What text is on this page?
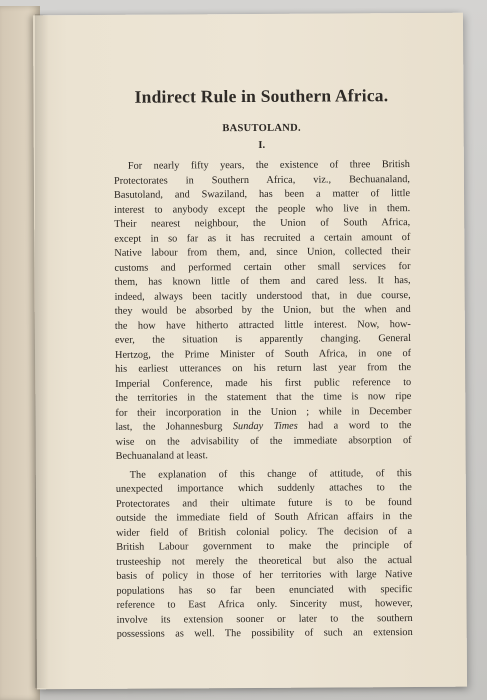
Indirect Rule in Southern Africa.
BASUTOLAND.
I.
For nearly fifty years, the existence of three British
Protectorates in Southern Africa, viz., Bechuanaland,
Basutoland, and Swaziland, has been a matter of little
interest to anybody except the people who live in them.
Their nearest neighbour, the Union of South Africa,
except in so far as it has recruited a certain amount of
Native labour from them, and, since Union, collected their
customs and performed certain other small services for
them, has known little of them and cared less. It has,
indeed, always been tacitly understood that, in due course,
they would be absorbed by the Union, but the when and
the how have hitherto attracted little interest. Now, how-
ever, the situation is apparently changing. General
Hertzog, the Prime Minister of South Africa, in one of
his earliest utterances on his return last year from the
Imperial Conference, made his first public reference to
the territories in the statement that the time is now ripe
for their incorporation in the Union ; while in December
last, the Johannesburg Sunday Times had a word to the
wise on the advisability of the immediate absorption of
Bechuanaland at least.
The explanation of this change of attitude, of this
unexpected importance which suddenly attaches to the
Protectorates and their ultimate future is to be found
outside the immediate field of South African affairs in the
wider field of British colonial policy. The decision of a
British Labour government to make the principle of
trusteeship not merely the theoretical but also the actual
basis of policy in those of her territories with large Native
populations has so far been enunciated with specific
reference to East Africa only. Sincerity must, however,
involve its extension sooner or later to the southern
possessions as well. The possibility of such an extension
